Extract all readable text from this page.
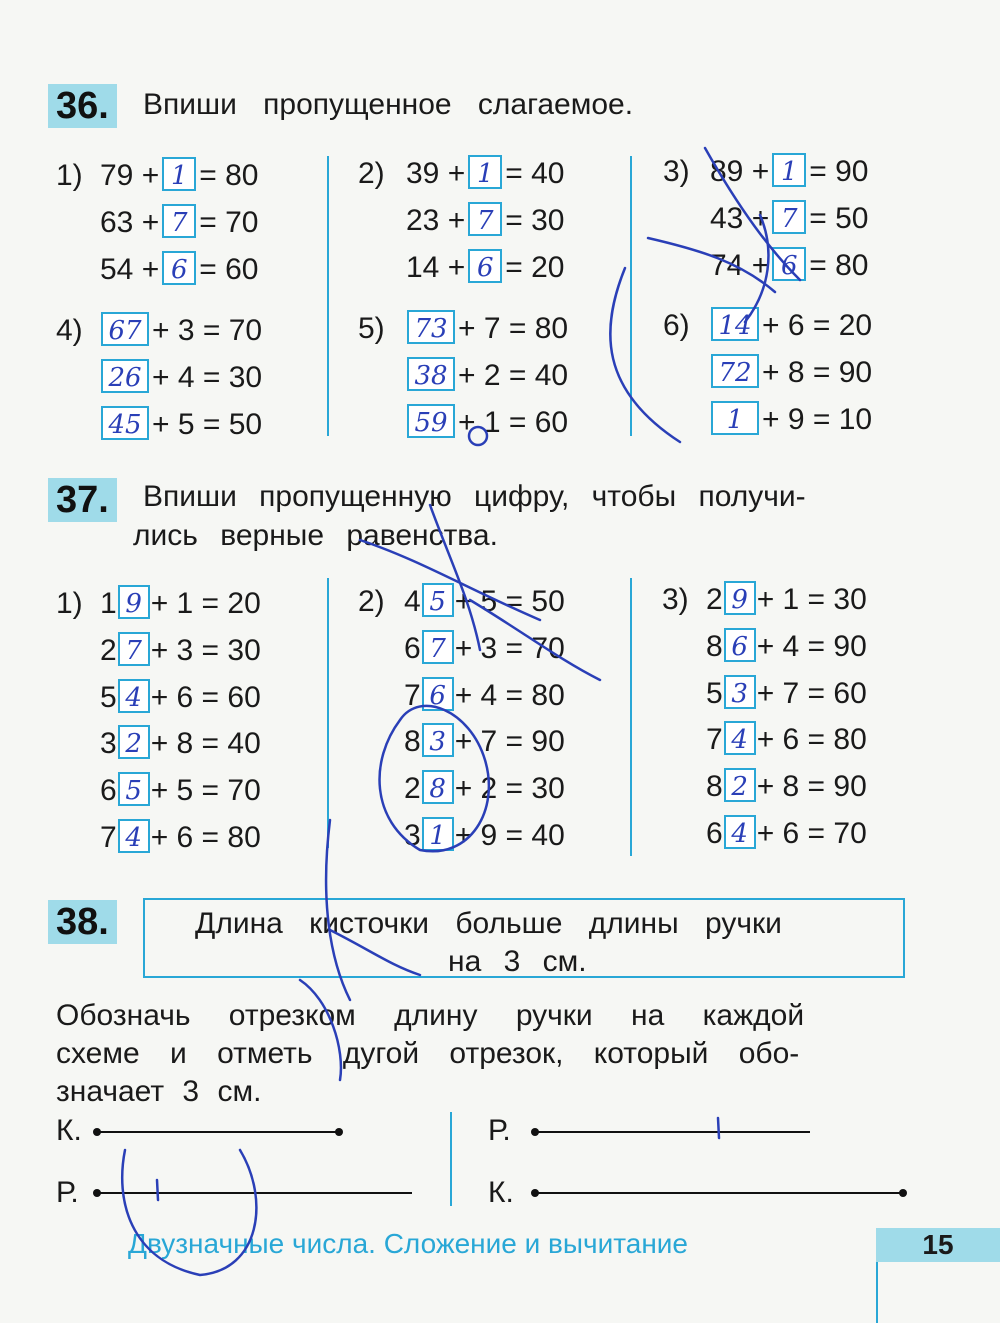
36. Впиши пропущенное слагаемое.
1) 79 + 1 = 80
63 + 7 = 70
54 + 6 = 60
2) 39 + 1 = 40
23 + 7 = 30
14 + 6 = 20
3) 89 + 1 = 90
43 + 7 = 50
74 + 6 = 80
4) 67 + 3 = 70
26 + 4 = 30
45 + 5 = 50
5)	73 + 7 = 80
38 + 2 = 40
59 + 1 = 60
6)	14 + 6 = 20
72 + 8 = 90
1 + 9 = 10
37. Впиши пропущенную цифру, чтобы получи-
лись верные равенства.
1) 1 9 + 1 = 20
2 7 + 3 = 30
5 4 + 6 = 60
3 2 + 8 = 40
6 5 + 5 = 70
7 4 + 6 = 80
2) 4 5 + 5 = 50
6 7 + 3 = 70
7 6 + 4 = 80
8 3 + 7 = 90
2 8 + 2 = 30
3 1 + 9 = 40
3) 2 9 + 1 = 30
8 6 + 4 = 90
5 3 + 7 = 60
7 4 + 6 = 80
8 2 + 8 = 90
6 4 + 6 = 70
38.	Длина кисточки больше длины ручки
на 3 см.
Обозначь отрезком длину ручки на каждой
схеме и отметь дугой отрезок, который обо-
значает 3 см.
К.
Р.
Р.
К.
Двузначные числа. Сложение и вычитание	15
